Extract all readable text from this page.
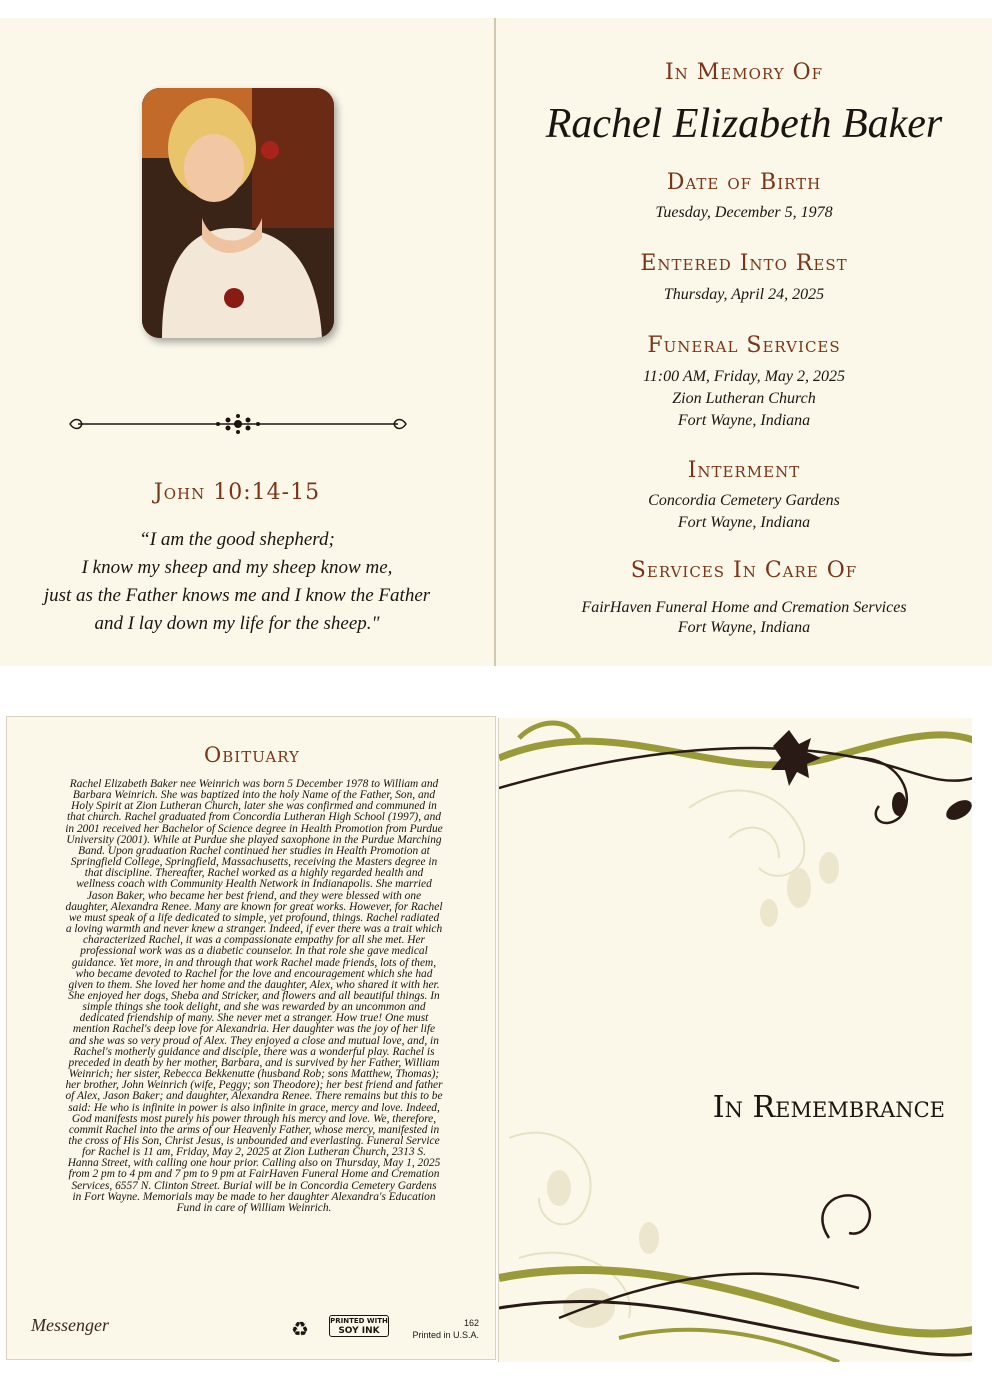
John 10:14-15
“I am the good shepherd;
I know my sheep and my sheep know me,
just as the Father knows me and I know the Father
and I lay down my life for the sheep."
In Memory Of
Rachel Elizabeth Baker
Date of Birth
Tuesday, December 5, 1978
Entered Into Rest
Thursday, April 24, 2025
Funeral Services
11:00 AM, Friday, May 2, 2025
Zion Lutheran Church
Fort Wayne, Indiana
Interment
Concordia Cemetery Gardens
Fort Wayne, Indiana
Services In Care Of
FairHaven Funeral Home and Cremation Services
Fort Wayne, Indiana
Obituary
Rachel Elizabeth Baker nee Weinrich was born 5 December 1978 to William and
Barbara Weinrich. She was baptized into the holy Name of the Father, Son, and
Holy Spirit at Zion Lutheran Church, later she was confirmed and communed in
that church. Rachel graduated from Concordia Lutheran High School (1997), and
in 2001 received her Bachelor of Science degree in Health Promotion from Purdue
University (2001). While at Purdue she played saxophone in the Purdue Marching
Band. Upon graduation Rachel continued her studies in Health Promotion at
Springfield College, Springfield, Massachusetts, receiving the Masters degree in
that discipline. Thereafter, Rachel worked as a highly regarded health and
wellness coach with Community Health Network in Indianapolis. She married
Jason Baker, who became her best friend, and they were blessed with one
daughter, Alexandra Renee. Many are known for great works. However, for Rachel
we must speak of a life dedicated to simple, yet profound, things. Rachel radiated
a loving warmth and never knew a stranger. Indeed, if ever there was a trait which
characterized Rachel, it was a compassionate empathy for all she met. Her
professional work was as a diabetic counselor. In that role she gave medical
guidance. Yet more, in and through that work Rachel made friends, lots of them,
who became devoted to Rachel for the love and encouragement which she had
given to them. She loved her home and the daughter, Alex, who shared it with her.
She enjoyed her dogs, Sheba and Stricker, and flowers and all beautiful things. In
simple things she took delight, and she was rewarded by an uncommon and
dedicated friendship of many. She never met a stranger. How true! One must
mention Rachel's deep love for Alexandria. Her daughter was the joy of her life
and she was so very proud of Alex. They enjoyed a close and mutual love, and, in
Rachel's motherly guidance and disciple, there was a wonderful play. Rachel is
preceded in death by her mother, Barbara, and is survived by her Father, William
Weinrich; her sister, Rebecca Bekkenutte (husband Rob; sons Matthew, Thomas);
her brother, John Weinrich (wife, Peggy; son Theodore); her best friend and father
of Alex, Jason Baker; and daughter, Alexandra Renee. There remains but this to be
said: He who is infinite in power is also infinite in grace, mercy and love. Indeed,
God manifests most purely his power through his mercy and love. We, therefore,
commit Rachel into the arms of our Heavenly Father, whose mercy, manifested in
the cross of His Son, Christ Jesus, is unbounded and everlasting. Funeral Service
for Rachel is 11 am, Friday, May 2, 2025 at Zion Lutheran Church, 2313 S.
Hanna Street, with calling one hour prior. Calling also on Thursday, May 1, 2025
from 2 pm to 4 pm and 7 pm to 9 pm at FairHaven Funeral Home and Cremation
Services, 6557 N. Clinton Street. Burial will be in Concordia Cemetery Gardens
in Fort Wayne. Memorials may be made to her daughter Alexandra's Education
Fund in care of William Weinrich.
Messenger	♻	PRINTED WITH
SOY INK
162
Printed in U.S.A.
In Remembrance
